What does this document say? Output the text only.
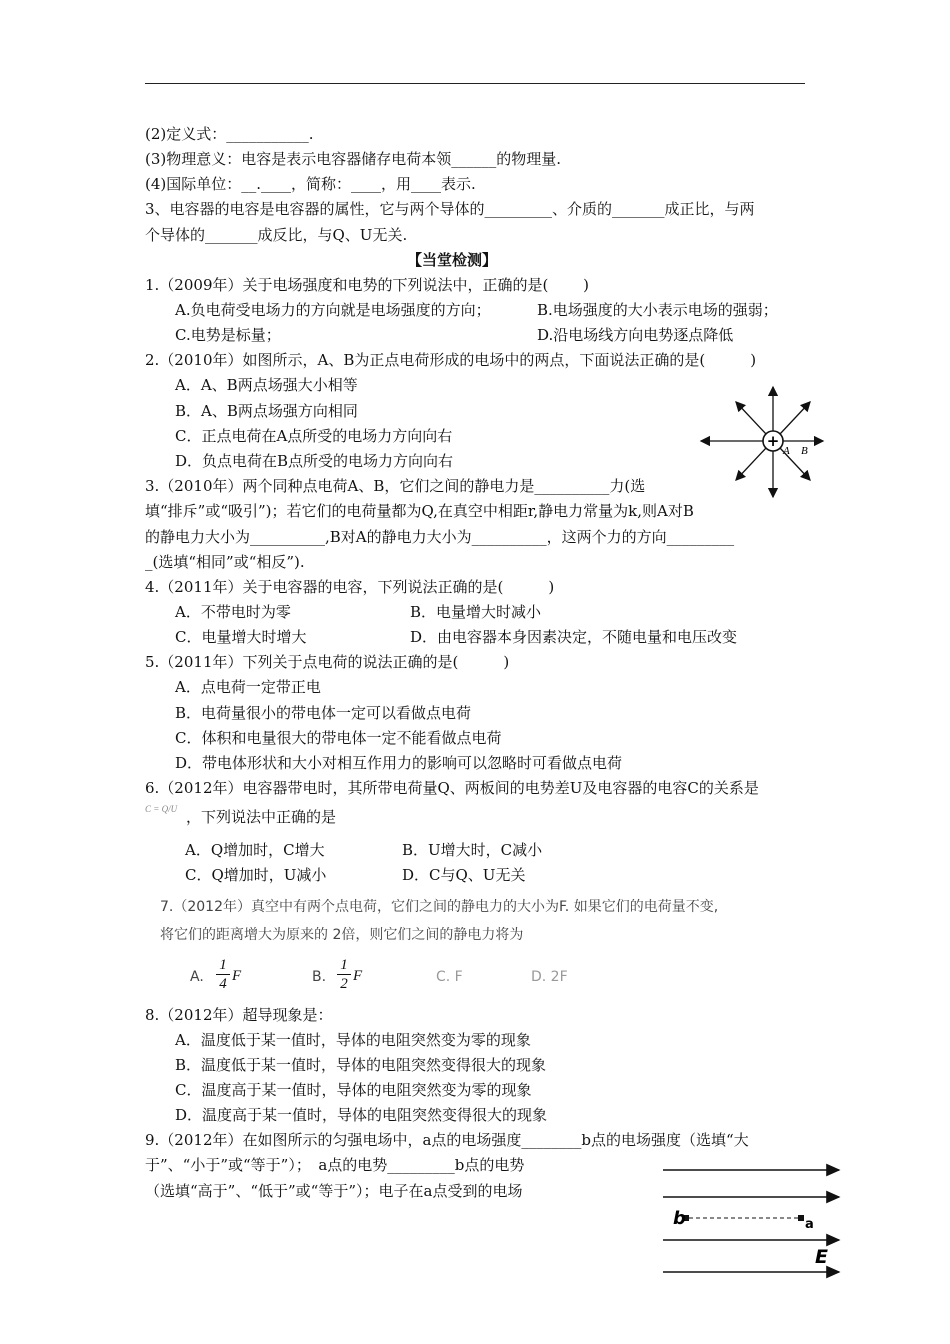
(2)定义式：___________.
(3)物理意义：电容是表示电容器储存电荷本领______的物理量.
(4)国际单位：__.____，简称：____，用____表示.
3、电容器的电容是电容器的属性，它与两个导体的_________、介质的_______成正比，与两
个导体的_______成反比，与Q、U无关.
【当堂检测】
1.（2009年）关于电场强度和电势的下列说法中，正确的是(　　 )
A.负电荷受电场力的方向就是电场强度的方向；	B.电场强度的大小表示电场的强弱；
C.电势是标量；	D.沿电场线方向电势逐点降低
2.（2010年）如图所示，A、B为正点电荷形成的电场中的两点，下面说法正确的是(　　　)
A．A、B两点场强大小相等
B．A、B两点场强方向相同
C．正点电荷在A点所受的电场力方向向右
D．负点电荷在B点所受的电场力方向向右
+
A B
3.（2010年）两个同种点电荷A、B，它们之间的静电力是__________力(选
填“排斥”或“吸引”)；若它们的电荷量都为Q,在真空中相距r,静电力常量为k,则A对B
的静电力大小为__________,B对A的静电力大小为__________，这两个力的方向_________
_(选填“相同”或“相反”).
4.（2011年）关于电容器的电容，下列说法正确的是(　　　)
A．不带电时为零	B．电量增大时减小
C．电量增大时增大	D．由电容器本身因素决定，不随电量和电压改变
5.（2011年）下列关于点电荷的说法正确的是(　　　)
A．点电荷一定带正电
B．电荷量很小的带电体一定可以看做点电荷
C．体积和电量很大的带电体一定不能看做点电荷
D．带电体形状和大小对相互作用力的影响可以忽略时可看做点电荷
6.（2012年）电容器带电时，其所带电荷量Q、两板间的电势差U及电容器的电容C的关系是
C = Q/U ，下列说法中正确的是
A．Q增加时，C增大	B．U增大时，C减小
C．Q增加时，U减小	D．C与Q、U无关
7.（2012年）真空中有两个点电荷，它们之间的静电力的大小为F. 如果它们的电荷量不变,
将它们的距离增大为原来的 2倍，则它们之间的静电力将为
A.
1
4 F	B.
1
2 F	C. F	D. 2F
8.（2012年）超导现象是：
A．温度低于某一值时，导体的电阻突然变为零的现象
B．温度低于某一值时，导体的电阻突然变得很大的现象
C．温度高于某一值时，导体的电阻突然变为零的现象
D．温度高于某一值时，导体的电阻突然变得很大的现象
9.（2012年）在如图所示的匀强电场中，a点的电场强度________b点的电场强度（选填“大
于”、“小于”或“等于”）；　a点的电势_________b点的电势
（选填“高于”、“低于”或“等于”）；电子在a点受到的电场
b	a
E
